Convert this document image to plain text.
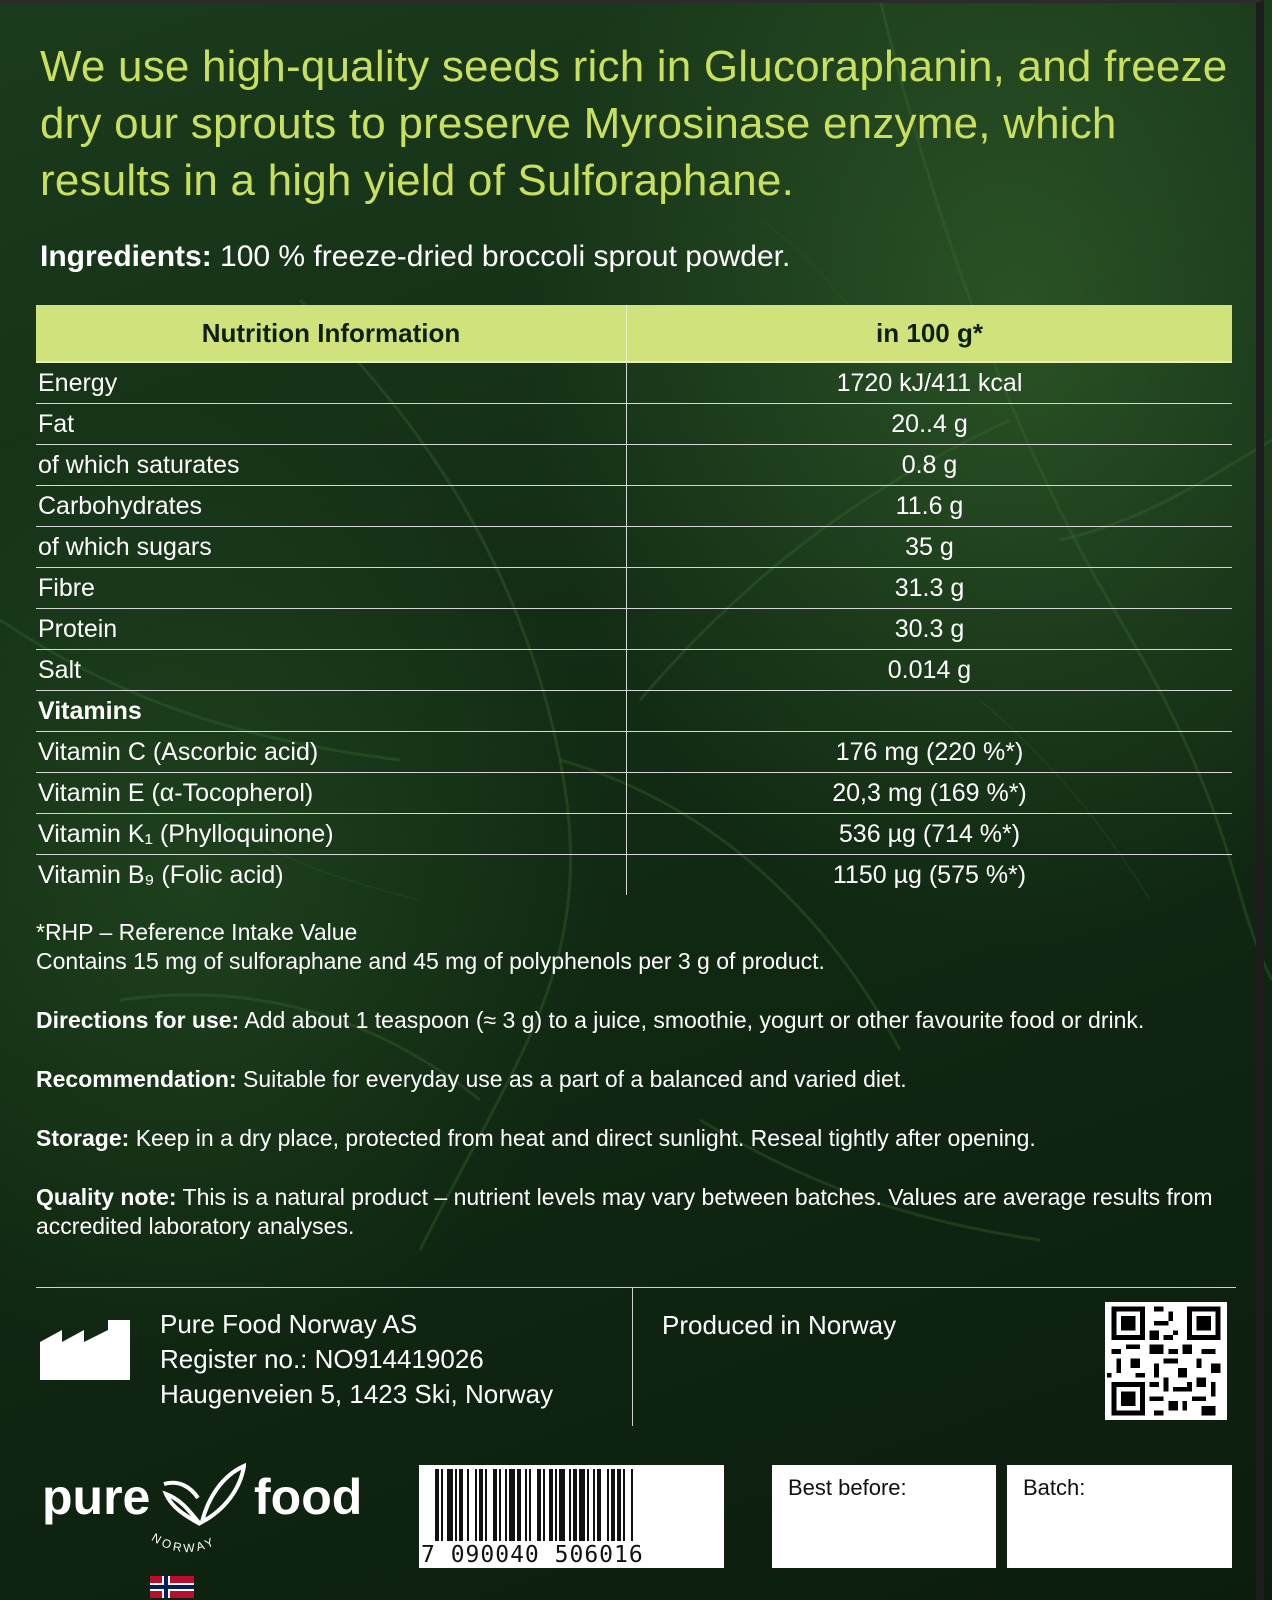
We use high-quality seeds rich in Glucoraphanin, and freeze dry our sprouts to preserve Myrosinase enzyme, which results in a high yield of Sulforaphane.
Ingredients: 100 % freeze-dried broccoli sprout powder.
Nutrition Information	in 100 g*
Energy	1720 kJ/411 kcal
Fat	20..4 g
of which saturates	0.8 g
Carbohydrates	11.6 g
of which sugars	35 g
Fibre	31.3 g
Protein	30.3 g
Salt	0.014 g
Vitamins	
Vitamin C (Ascorbic acid)	176 mg (220 %*)
Vitamin E (α-Tocopherol)	20,3 mg (169 %*)
Vitamin K₁ (Phylloquinone)	536 µg (714 %*)
Vitamin B₉ (Folic acid)	1150 µg (575 %*)

*RHP – Reference Intake Value

Contains 15 mg of sulforaphane and 45 mg of polyphenols per 3 g of product.

Directions for use: Add about 1 teaspoon (≈ 3 g) to a juice, smoothie, yogurt or other favourite food or drink.

Recommendation: Suitable for everyday use as a part of a balanced and varied diet.

Storage: Keep in a dry place, protected from heat and direct sunlight. Reseal tightly after opening.

Quality note: This is a natural product – nutrient levels may vary between batches. Values are average results from accredited laboratory analyses.

Pure Food Norway AS
Register no.: NO914419026
Haugenveien 5, 1423 Ski, Norway
Produced in Norway
pure food
NORWAY	7 090040 506016
Best before:	Batch:
